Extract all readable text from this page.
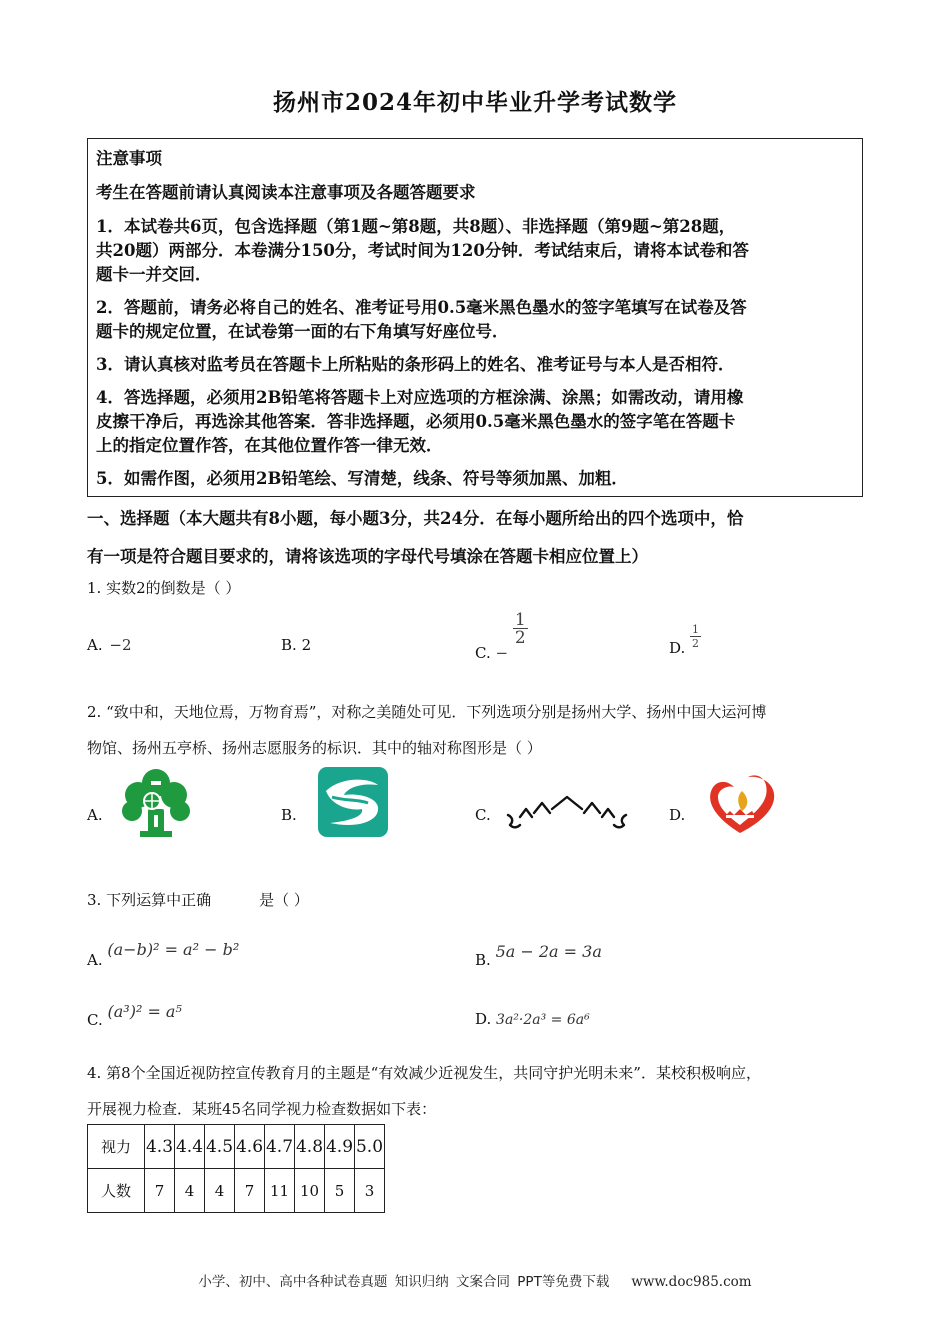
扬州市2024年初中毕业升学考试数学
注意事项
考生在答题前请认真阅读本注意事项及各题答题要求
1．本试卷共6页，包含选择题（第1题~第8题，共8题）、非选择题（第9题~第28题，
共20题）两部分．本卷满分150分，考试时间为120分钟．考试结束后，请将本试卷和答
题卡一并交回．
2．答题前，请务必将自己的姓名、准考证号用0.5毫米黑色墨水的签字笔填写在试卷及答
题卡的规定位置，在试卷第一面的右下角填写好座位号．
3．请认真核对监考员在答题卡上所粘贴的条形码上的姓名、准考证号与本人是否相符．
4．答选择题，必须用2B铅笔将答题卡上对应选项的方框涂满、涂黑；如需改动，请用橡
皮擦干净后，再选涂其他答案．答非选择题，必须用0.5毫米黑色墨水的签字笔在答题卡
上的指定位置作答，在其他位置作答一律无效．
5．如需作图，必须用2B铅笔绘、写清楚，线条、符号等须加黑、加粗．
一、选择题（本大题共有8小题，每小题3分，共24分．在每小题所给出的四个选项中，恰
有一项是符合题目要求的，请将该选项的字母代号填涂在答题卡相应位置上）
1. 实数2的倒数是（ ）
A. −2	B. 2	C. −
$\frac{1}{2}$
D. $\frac{1}{2}$
2. “致中和，天地位焉，万物育焉”，对称之美随处可见．下列选项分别是扬州大学、扬州中国大运河博
物馆、扬州五亭桥、扬州志愿服务的标识．其中的轴对称图形是（ ）
A.	B.	C.	D.
3. 下列运算中正确	是（ ）
A. (a−b)² = a² − b²
B. 5a − 2a = 3a
C. (a³)² = a⁵	D. 3a²·2a³ = 6a⁶
4. 第8个全国近视防控宣传教育月的主题是“有效减少近视发生，共同守护光明未来”．某校积极响应，
开展视力检查．某班45名同学视力检查数据如下表：
视力	4.3	4.4	4.5	4.6	4.7	4.8	4.9	5.0
人数	7	4	4	7	11	10	5	3
小学、初中、高中各种试卷真题 知识归纳 文案合同 PPT等免费下载 www.doc985.com
